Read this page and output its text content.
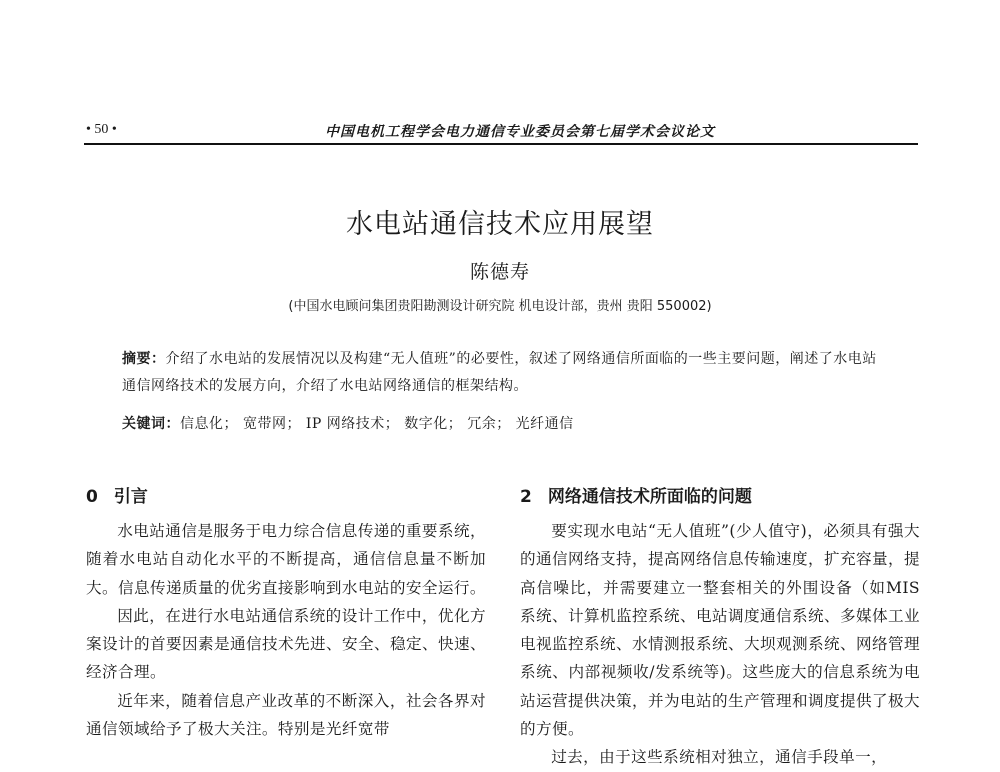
• 50 •	中国电机工程学会电力通信专业委员会第七届学术会议论文
水电站通信技术应用展望
陈德寿
(中国水电顾问集团贵阳勘测设计研究院 机电设计部，贵州 贵阳 550002)
摘要：介绍了水电站的发展情况以及构建“无人值班”的必要性，叙述了网络通信所面临的一些主要问题，阐述了水电站通信网络技术的发展方向，介绍了水电站网络通信的框架结构。
关键词：信息化； 宽带网； IP 网络技术； 数字化； 冗余； 光纤通信
0 引言	2 网络通信技术所面临的问题

水电站通信是服务于电力综合信息传递的重要系统，随着水电站自动化水平的不断提高，通信信息量不断加大。信息传递质量的优劣直接影响到水电站的安全运行。

因此，在进行水电站通信系统的设计工作中，优化方案设计的首要因素是通信技术先进、安全、稳定、快速、经济合理。

近年来，随着信息产业改革的不断深入，社会各界对通信领域给予了极大关注。特别是光纤宽带

要实现水电站“无人值班”(少人值守)，必须具有强大的通信网络支持，提高网络信息传输速度，扩充容量，提高信噪比，并需要建立一整套相关的外围设备（如MIS系统、计算机监控系统、电站调度通信系统、多媒体工业电视监控系统、水情测报系统、大坝观测系统、网络管理系统、内部视频收/发系统等)。这些庞大的信息系统为电站运营提供决策，并为电站的生产管理和调度提供了极大的方便。

过去，由于这些系统相对独立，通信手段单一，
